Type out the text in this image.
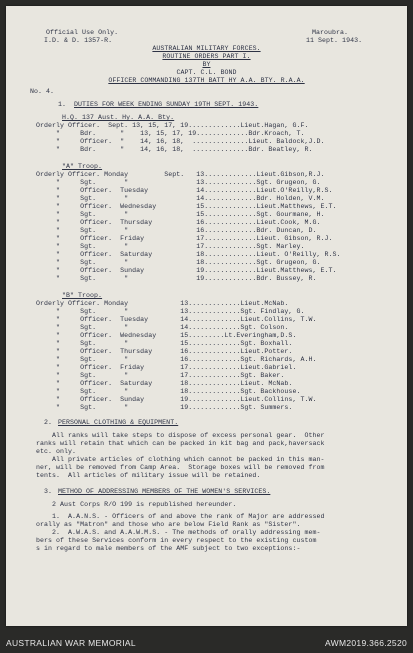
Official Use Only.
I.D. & D. 1357-R.
Maroubra.
11 Sept. 1943.
AUSTRALIAN MILITARY FORCES.
ROUTINE ORDERS PART I.
BY
CAPT. C.L. BOND
OFFICER COMMANDING 137TH BATT HY A.A. BTY. R.A.A.
No. 4.
1. DUTIES FOR WEEK ENDING SUNDAY 19TH SEPT. 1943.
H.Q. 137 Aust. Hy. A.A. Bty.
Orderly Officer.  Sept. 13, 15, 17, 19.............Lieut.Hagan, G.F.
"     Bdr.      "    13, 15, 17, 19.............Bdr.Kroach, T.
"     Officer.  "    14, 16, 18,  ..............Lieut. Baldock,J.D.
"     Bdr.      "    14, 16, 18,  ..............Bdr. Beatley, R.
"A" Troop.
Orderly Officer. Monday         Sept.   13.............Lieut.Gibson,R.J.
"     Sgt.       "                 13.............Sgt. Grugeon, G.
"     Officer.  Tuesday            14.............Lieut.O'Reilly,R.S.
"     Sgt.       "                 14.............Bdr. Holden, V.M.
"     Officer.  Wednesday          15.............Lieut.Matthews, E.T.
"     Sgt.       "                 15.............Sgt. Gourmane, H.
"     Officer.  Thursday           16.............Lieut.Cook, M.G.
"     Sgt.       "                 16.............Bdr. Duncan, D.
"     Officer.  Friday             17.............Lieut. Gibson, R.J.
"     Sgt.       "                 17.............Sgt. Marley.
"     Officer.  Saturday           18.............Lieut. O'Reilly, R.S.
"     Sgt.       "                 18.............Sgt. Grugeon, G.
"     Officer.  Sunday             19.............Lieut.Matthews, E.T.
"     Sgt.       "                 19.............Bdr. Bussey, R.
"B" Troop.
Orderly Officer. Monday             13.............Lieut.McNab.
"     Sgt.       "             13.............Sgt. Findlay, G.
"     Officer.  Tuesday        14.............Lieut.Collins, T.W.
"     Sgt.       "             14.............Sgt. Colson.
"     Officer.  Wednesday      15.........Lt.Everingham,D.S.
"     Sgt.       "             15.............Sgt. Boxhall.
"     Officer.  Thursday       16.............Lieut.Potter.
"     Sgt.       "             16.............Sgt. Richards, A.H.
"     Officer.  Friday         17.............Lieut.Gabriel.
"     Sgt.       "             17.............Sgt. Baker.
"     Officer.  Saturday       18.............Lieut. McNab.
"     Sgt.       "             18.............Sgt. Backhouse.
"     Officer.  Sunday         19.............Lieut.Collins, T.W.
"     Sgt.       "             19.............Sgt. Summers.
2. PERSONAL CLOTHING & EQUIPMENT.
All ranks will take steps to dispose of excess personal gear.  Other
ranks will retain that which can be packed in kit bag and pack,haversack
etc. only.
All private articles of clothing which cannot be packed in this man-
ner, will be removed from Camp Area.  Storage boxes will be removed from
tents.  All articles of military issue will be retained.
3. METHOD OF ADDRESSING MEMBERS OF THE WOMEN'S SERVICES.
2 Aust Corps R/O 199 is republished hereunder.
1.  A.A.N.S. - Officers of and above the rank of Major are addressed
orally as "Matron" and those who are below Field Rank as "Sister".
2.  A.W.A.S. and A.A.W.M.S. - The methods of orally addressing mem-
bers of these Services conform in every respect to the existing custom
s in regard to male members of the AMF subject to two exceptions:-
AUSTRALIAN WAR MEMORIAL	AWM2019.366.2520
